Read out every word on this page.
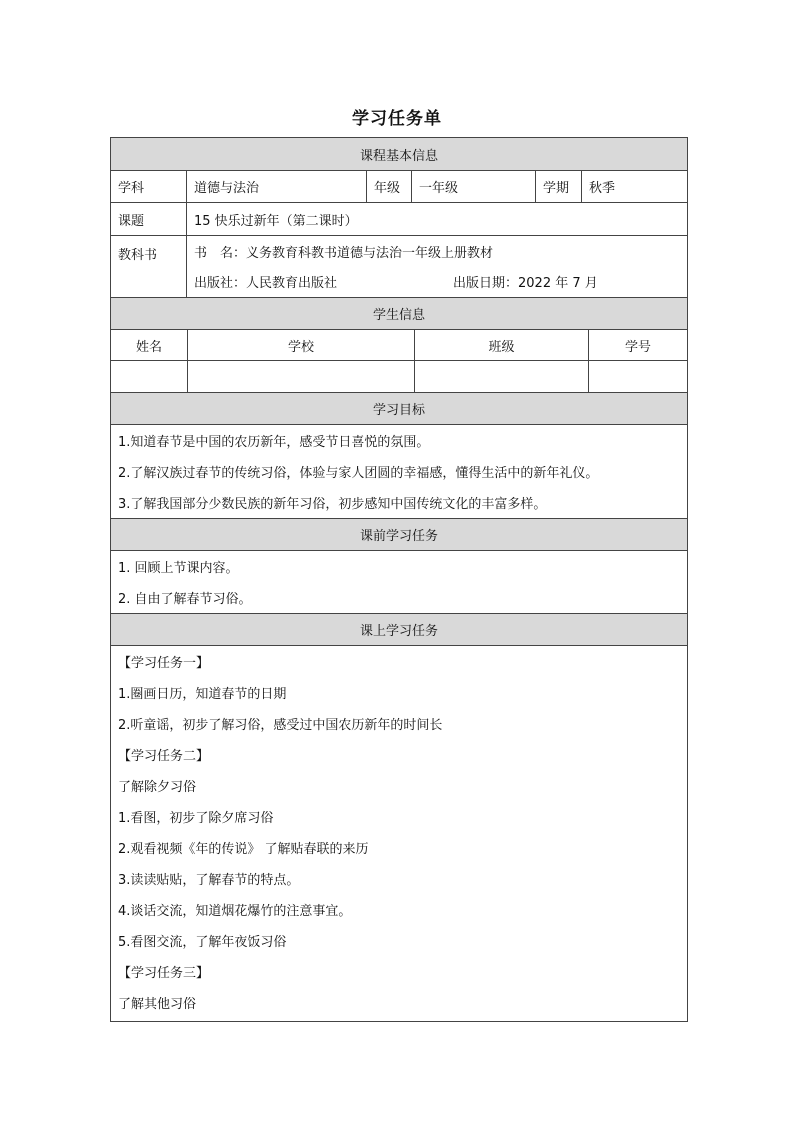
学习任务单
课程基本信息
学科	道德与法治	年级	一年级	学期	秋季
课题	15 快乐过新年（第二课时）
教科书	书　名：义务教育科教书道德与法治一年级上册教材
出版社：人民教育出版社	出版日期：2022 年 7 月
学生信息
姓名	学校	班级	学号
学习目标
1.知道春节是中国的农历新年，感受节日喜悦的氛围。
2.了解汉族过春节的传统习俗，体验与家人团圆的幸福感，懂得生活中的新年礼仪。
3.了解我国部分少数民族的新年习俗，初步感知中国传统文化的丰富多样。
课前学习任务
1. 回顾上节课内容。
2. 自由了解春节习俗。
课上学习任务
【学习任务一】
1.圈画日历，知道春节的日期
2.听童谣，初步了解习俗，感受过中国农历新年的时间长
【学习任务二】
了解除夕习俗
1.看图，初步了除夕席习俗
2.观看视频《年的传说》 了解贴春联的来历
3.读读贴贴，了解春节的特点。
4.谈话交流，知道烟花爆竹的注意事宜。
5.看图交流，了解年夜饭习俗
【学习任务三】
了解其他习俗
